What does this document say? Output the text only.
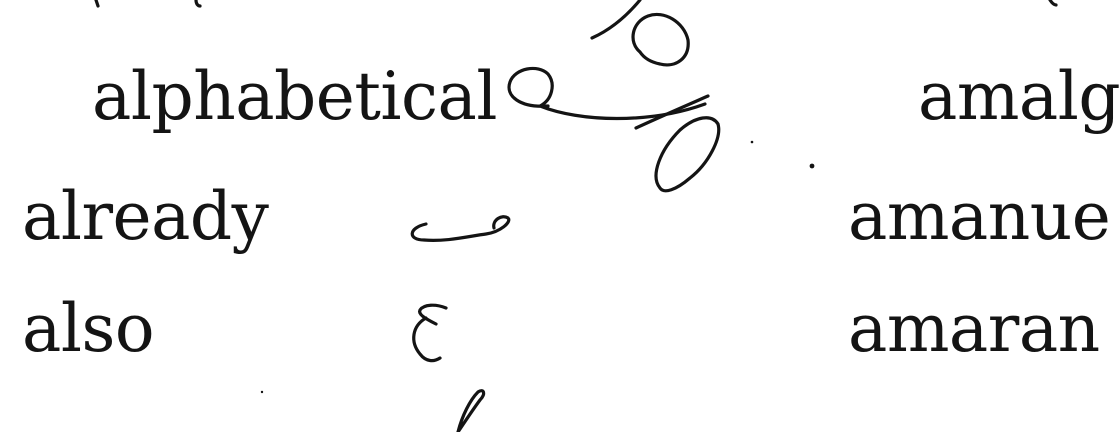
alphabetical
already
also
amalg
amanue
amaran
